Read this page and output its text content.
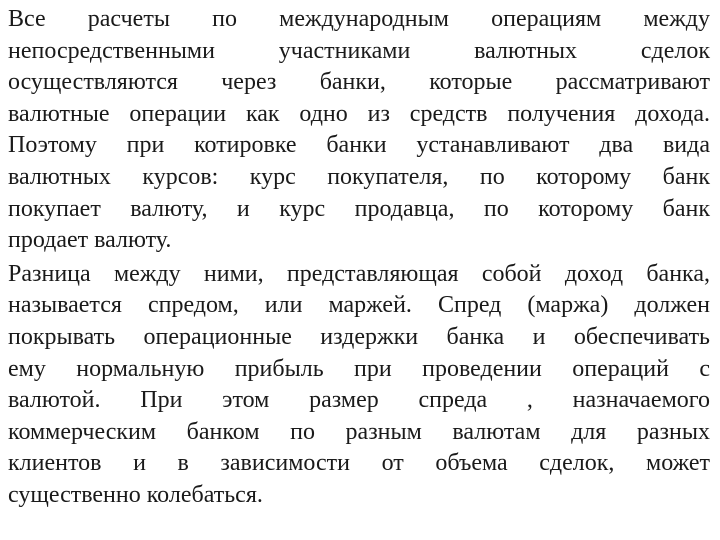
Все расчеты по международным операциям между
непосредственными участниками валютных сделок
осуществляются через банки, которые рассматривают
валютные операции как одно из средств получения дохода.
Поэтому при котировке банки устанавливают два вида
валютных курсов: курс покупателя, по которому банк
покупает валюту, и курс продавца, по которому банк
продает валюту.

Разница между ними, представляющая собой доход банка,
называется спредом, или маржей. Спред (маржа) должен
покрывать операционные издержки банка и обеспечивать
ему нормальную прибыль при проведении операций с
валютой. При этом размер спреда , назначаемого
коммерческим банком по разным валютам для разных
клиентов и в зависимости от объема сделок, может
существенно колебаться.
